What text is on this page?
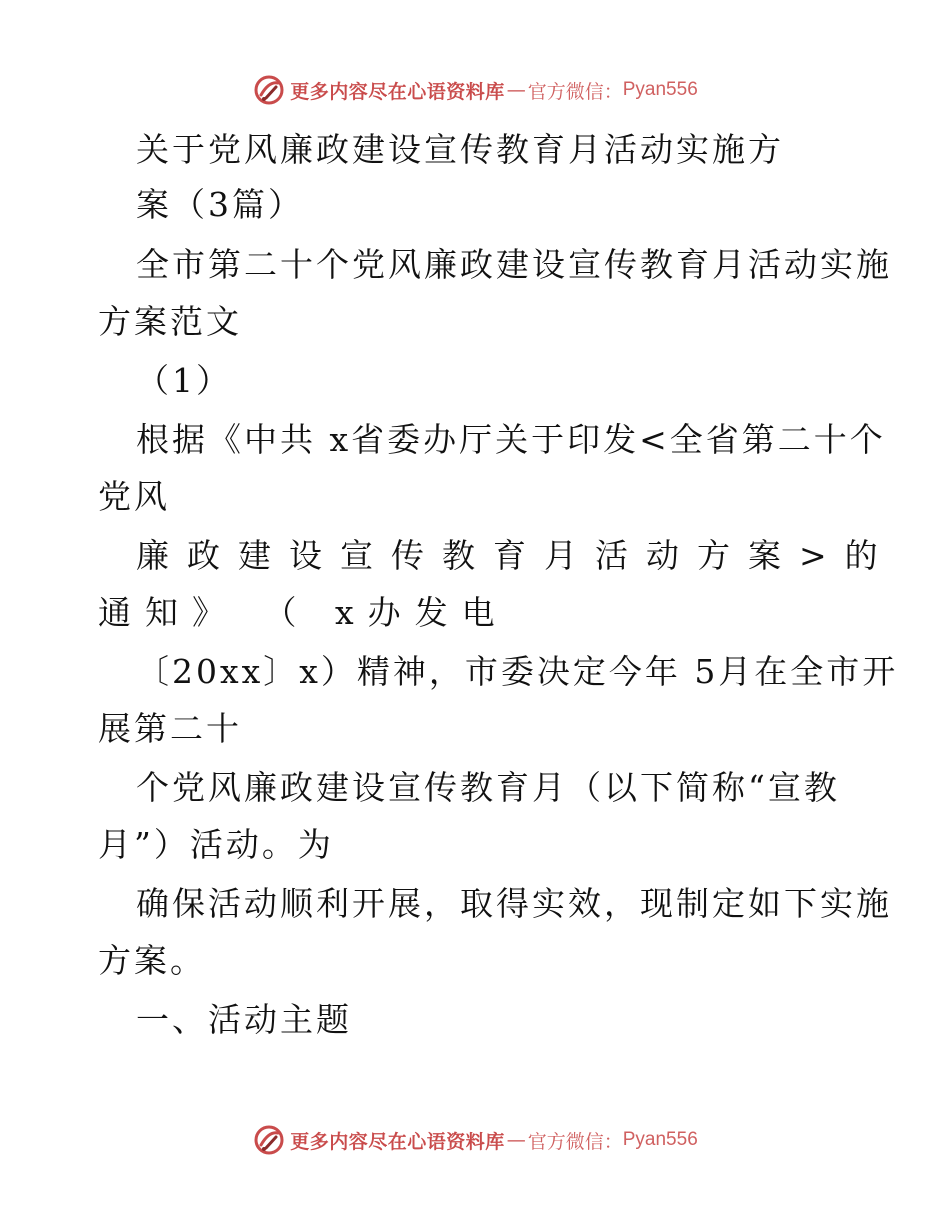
更多内容尽在心语资料库 — 官方微信： Pyan556
关于党风廉政建设宣传教育月活动实施方
案（3篇）
全市第二十个党风廉政建设宣传教育月活动实施
方案范文
（1）
根据《中共 x省委办厅关于印发<全省第二十个
党风
廉政建设宣传教育月活动方案>的
通知》 （ x办发电
〔20xx〕x）精神，市委决定今年 5月在全市开
展第二十
个党风廉政建设宣传教育月（以下简称“宣教
月”）活动。为
确保活动顺利开展，取得实效，现制定如下实施
方案。
一、活动主题
更多内容尽在心语资料库 — 官方微信： Pyan556
